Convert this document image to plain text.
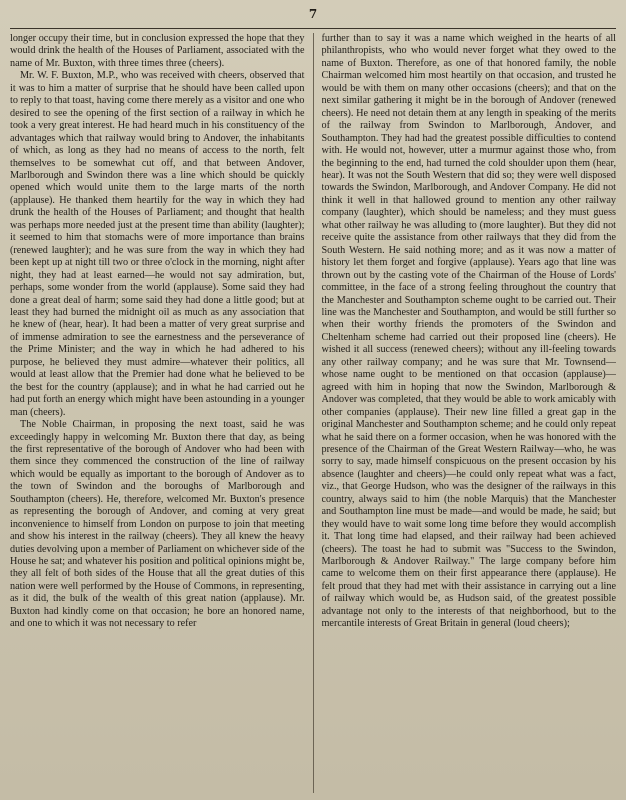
7

longer occupy their time, but in conclusion expressed the hope that they would drink the health of the Houses of Parliament, associated with the name of Mr. Buxton, with three times three (cheers).

Mr. W. F. Buxton, M.P., who was received with cheers, observed that it was to him a matter of surprise that he should have been called upon to reply to that toast, having come there merely as a visitor and one who desired to see the opening of the first section of a railway in which he took a very great interest. He had heard much in his constituency of the advantages which that railway would bring to Andover, the inhabitants of which, as long as they had no means of access to the north, felt themselves to be somewhat cut off, and that between Andover, Marlborough and Swindon there was a line which should be quickly opened which would unite them to the large marts of the north (applause). He thanked them heartily for the way in which they had drunk the health of the Houses of Parliament; and thought that health was perhaps more needed just at the present time than ability (laughter); it seemed to him that stomachs were of more importance than brains (renewed laughter); and he was sure from the way in which they had been kept up at night till two or three o'clock in the morning, night after night, they had at least earned—he would not say admiration, but, perhaps, some wonder from the world (applause). Some said they had done a great deal of harm; some said they had done a little good; but at least they had burned the midnight oil as much as any association that he knew of (hear, hear). It had been a matter of very great surprise and of immense admiration to see the earnestness and the perseverance of the Prime Minister; and the way in which he had adhered to his purpose, he believed they must admire—whatever their politics, all would at least allow that the Premier had done what he believed to be the best for the country (applause); and in what he had carried out he had put forth an energy which might have been astounding in a younger man (cheers).

The Noble Chairman, in proposing the next toast, said he was exceedingly happy in welcoming Mr. Buxton there that day, as being the first representative of the borough of Andover who had been with them since they commenced the construction of the line of railway which would be equally as important to the borough of Andover as to the town of Swindon and the boroughs of Marlborough and Southampton (cheers). He, therefore, welcomed Mr. Buxton's presence as representing the borough of Andover, and coming at very great inconvenience to himself from London on purpose to join that meeting and show his interest in the railway (cheers). They all knew the heavy duties devolving upon a member of Parliament on whichever side of the House he sat; and whatever his position and political opinions might be, they all felt of both sides of the House that all the great duties of this nation were well performed by the House of Commons, in representing, as it did, the bulk of the wealth of this great nation (applause). Mr. Buxton had kindly come on that occasion; he bore an honored name, and one to which it was not necessary to refer

further than to say it was a name which weighed in the hearts of all philanthropists, who who would never forget what they owed to the name of Buxton. Therefore, as one of that honored family, the noble Chairman welcomed him most heartily on that occasion, and trusted he would be with them on many other occasions (cheers); and that on the next similar gathering it might be in the borough of Andover (renewed cheers). He need not detain them at any length in speaking of the merits of the railway from Swindon to Marlborough, Andover, and Southampton. They had had the greatest possible difficulties to contend with. He would not, however, utter a murmur against those who, from the beginning to the end, had turned the cold shoulder upon them (hear, hear). It was not the South Western that did so; they were well disposed towards the Swindon, Marlborough, and Andover Company. He did not think it well in that hallowed ground to mention any other railway company (laughter), which should be nameless; and they must guess what other railway he was alluding to (more laughter). But they did not receive quite the assistance from other railways that they did from the South Western. He said nothing more; and as it was now a matter of history let them forget and forgive (applause). Years ago that line was thrown out by the casting vote of the Chairman of the House of Lords' committee, in the face of a strong feeling throughout the country that the Manchester and Southampton scheme ought to be carried out. Their line was the Manchester and Southampton, and would be still further so when their worthy friends the promoters of the Swindon and Cheltenham scheme had carried out their proposed line (cheers). He wished it all success (renewed cheers); without any ill-feeling towards any other railway company; and he was sure that Mr. Townsend—whose name ought to be mentioned on that occasion (applause)—agreed with him in hoping that now the Swindon, Marlborough & Andover was completed, that they would be able to work amicably with other companies (applause). Their new line filled a great gap in the original Manchester and Southampton scheme; and he could only repeat what he said there on a former occasion, when he was honored with the presence of the Chairman of the Great Western Railway—who, he was sorry to say, made himself conspicuous on the present occasion by his absence (laughter and cheers)—he could only repeat what was a fact, viz., that George Hudson, who was the designer of the railways in this country, always said to him (the noble Marquis) that the Manchester and Southampton line must be made—and would be made, he said; but they would have to wait some long time before they would accomplish it. That long time had elapsed, and their railway had been achieved (cheers). The toast he had to submit was "Success to the Swindon, Marlborough & Andover Railway." The large company before him came to welcome them on their first appearance there (applause). He felt proud that they had met with their assistance in carrying out a line of railway which would be, as Hudson said, of the greatest possible advantage not only to the interests of that neighborhood, but to the mercantile interests of Great Britain in general (loud cheers);
